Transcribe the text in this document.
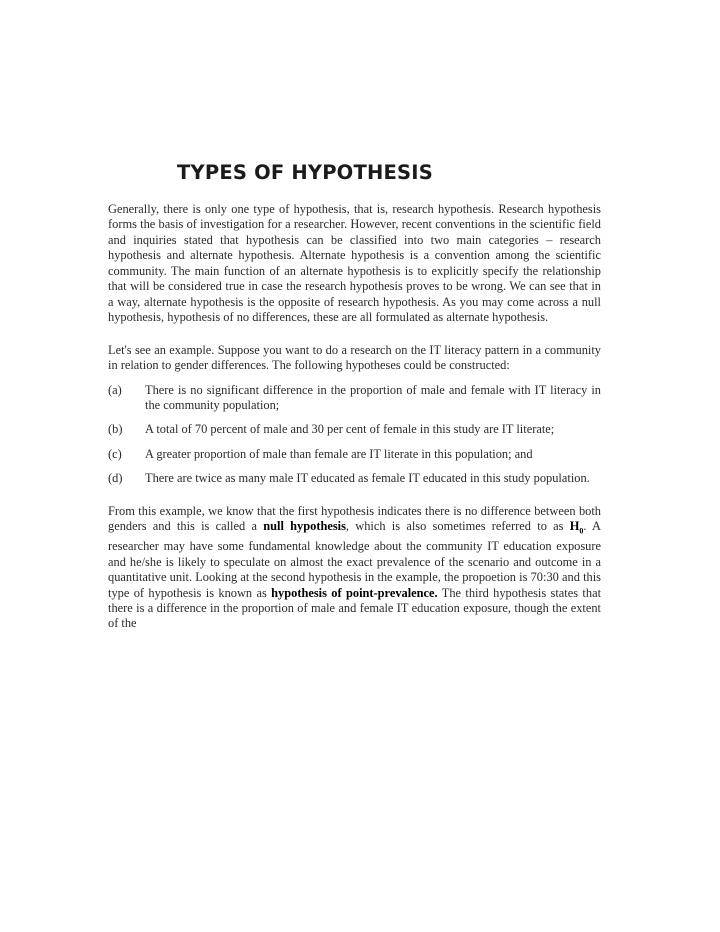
TYPES OF HYPOTHESIS

Generally, there is only one type of hypothesis, that is, research hypothesis. Research hypothesis forms the basis of investigation for a researcher. However, recent conventions in the scientific field and inquiries stated that hypothesis can be classified into two main categories – research hypothesis and alternate hypothesis. Alternate hypothesis is a convention among the scientific community. The main function of an alternate hypothesis is to explicitly specify the relationship that will be considered true in case the research hypothesis proves to be wrong. We can see that in a way, alternate hypothesis is the opposite of research hypothesis. As you may come across a null hypothesis, hypothesis of no differences, these are all formulated as alternate hypothesis.

Let's see an example. Suppose you want to do a research on the IT literacy pattern in a community in relation to gender differences. The following hypotheses could be constructed:

(a)	There is no significant difference in the proportion of male and female with IT literacy in the community population;
(b)	A total of 70 percent of male and 30 per cent of female in this study are IT literate;
(c)	A greater proportion of male than female are IT literate in this population; and
(d)	There are twice as many male IT educated as female IT educated in this study population.

From this example, we know that the first hypothesis indicates there is no difference between both genders and this is called a null hypothesis, which is also sometimes referred to as $H_0$. A researcher may have some fundamental knowledge about the community IT education exposure and he/she is likely to speculate on almost the exact prevalence of the scenario and outcome in a quantitative unit. Looking at the second hypothesis in the example, the propoetion is 70:30 and this type of hypothesis is known as hypothesis of point-prevalence. The third hypothesis states that there is a difference in the proportion of male and female IT education exposure, though the extent of the
